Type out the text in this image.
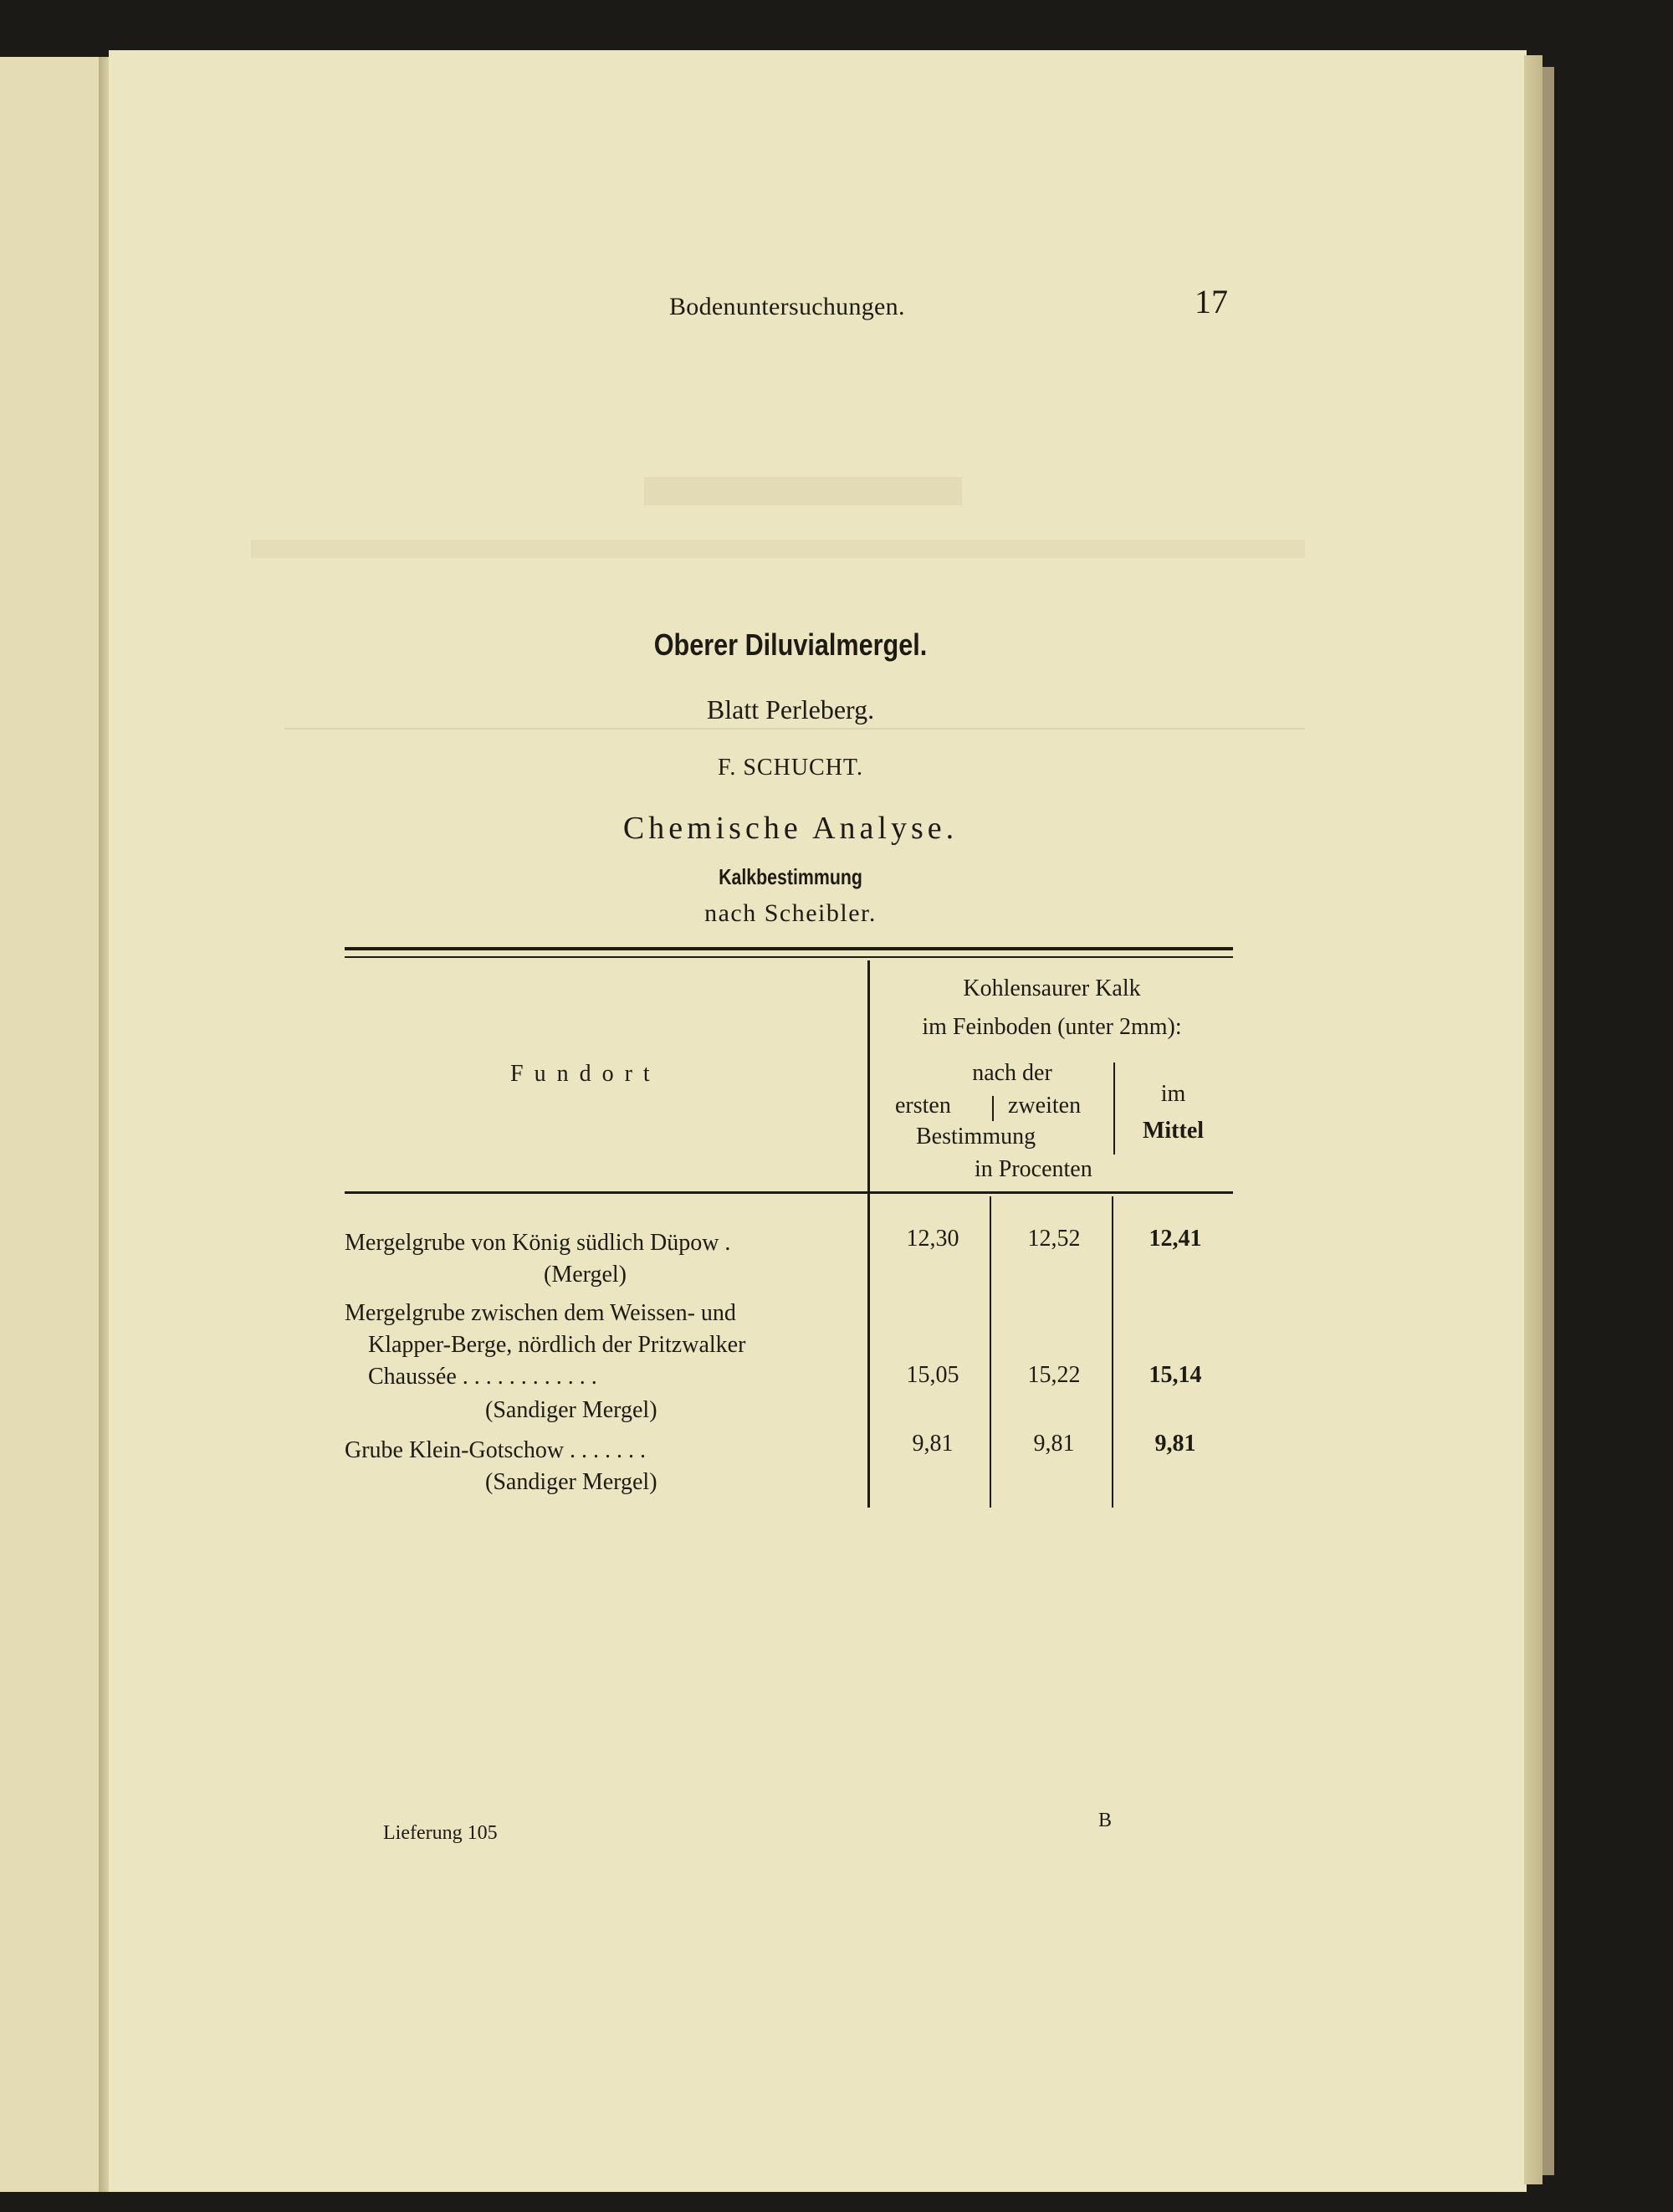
Bodenuntersuchungen.	17
Oberer Diluvialmergel.
Blatt Perleberg.
F. SCHUCHT.
Chemische Analyse.
Kalkbestimmung
nach Scheibler.
Fundort
Kohlensaurer Kalk
im Feinboden (unter 2mm):
nach der
ersten zweiten
Bestimmung
im
Mittel
in Procenten
Mergelgrube von König südlich Düpow .
(Mergel)
12,30	12,52	12,41
Mergelgrube zwischen dem Weissen- und
Klapper-Berge, nördlich der Pritzwalker
Chaussée . . . . . . . . . . . .
(Sandiger Mergel)
15,05	15,22	15,14
Grube Klein-Gotschow . . . . . . .
(Sandiger Mergel)
9,81	9,81	9,81
Lieferung 105
B
